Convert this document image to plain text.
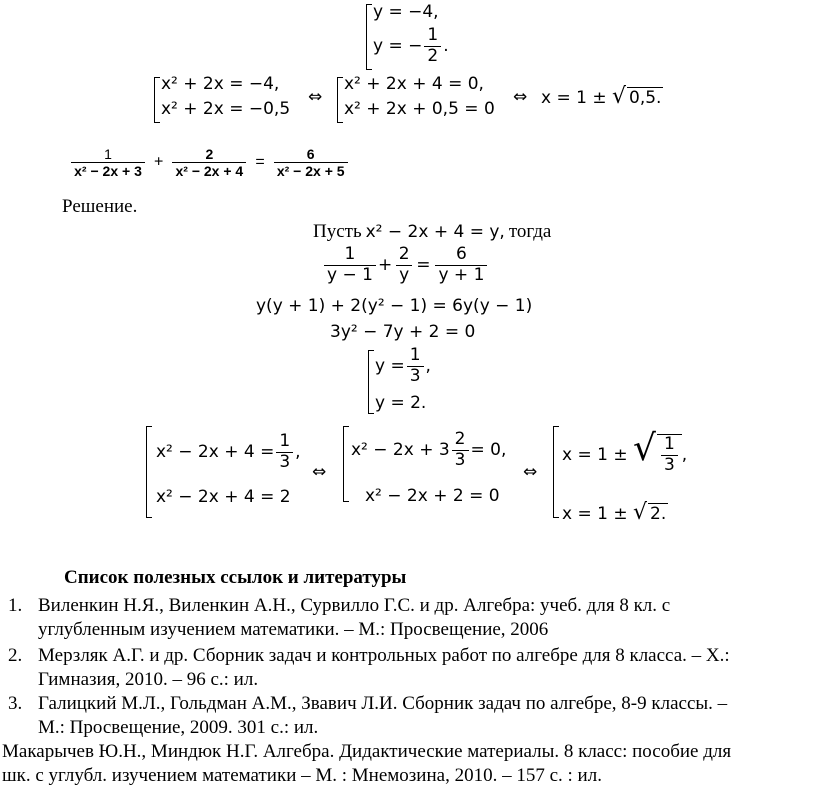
y = −4,
y = − $\frac{1}{2}$ .
x² + 2x = −4,
x² + 2x = −0,5
⇔
x² + 2x + 4 = 0,
x² + 2x + 0,5 = 0
⇔ x = 1 ± √ 0,5.
$\frac{1}{\text{x² − 2x + 3}} + \frac{2}{\text{x² − 2x + 4}} = \frac{6}{\text{x² − 2x + 5}}$
Решение.
Пусть x² − 2x + 4 = y, тогда
$\frac{1}{y - 1} + \frac{2}{y} = \frac{6}{y + 1}$
y(y + 1) + 2(y² − 1) = 6y(y − 1)
3y² − 7y + 2 = 0
$y = \frac{1}{3}$ ,
y = 2.
$x^2 - 2x + 4 = \frac{1}{3}$ ,
x² − 2x + 4 = 2
⇔
$x^2 - 2x + 3 \frac{2}{3} = 0$,
x² − 2x + 2 = 0
⇔
x = 1 ± √ $\frac{1}{3}$ ,
x = 1 ± √ 2.
Список полезных ссылок и литературы
1. Виленкин Н.Я., Виленкин А.Н., Сурвилло Г.С. и др. Алгебра: учеб. для 8 кл. с
углубленным изучением математики. – М.: Просвещение, 2006
2. Мерзляк А.Г. и др. Сборник задач и контрольных работ по алгебре для 8 класса. – Х.:
Гимназия, 2010. – 96 с.: ил.
3. Галицкий М.Л., Гольдман А.М., Звавич Л.И. Сборник задач по алгебре, 8-9 классы. –
М.: Просвещение, 2009. 301 с.: ил.
Макарычев Ю.Н., Миндюк Н.Г. Алгебра. Дидактические материалы. 8 класс: пособие для
шк. с углубл. изучением математики – М. : Мнемозина, 2010. – 157 с. : ил.
